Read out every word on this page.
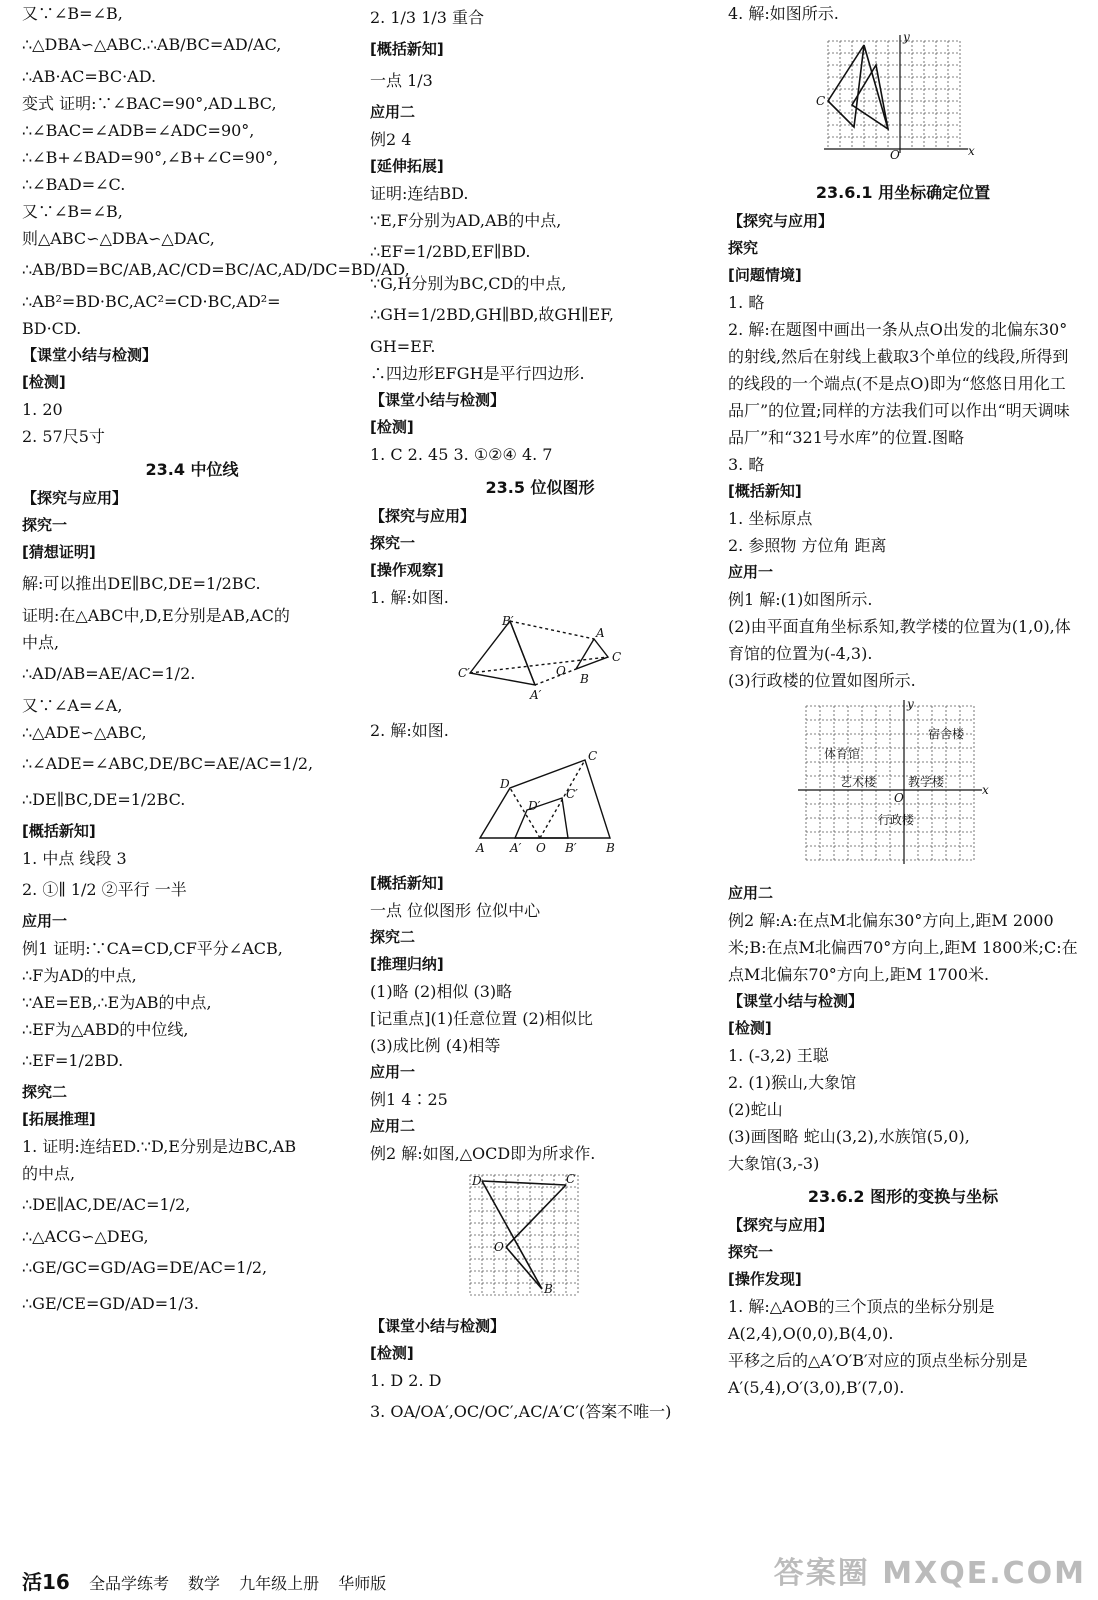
又∵∠B=∠B,

∴△DBA∽△ABC.∴AB/BC=AD/AC,

∴AB·AC=BC·AD.

变式 证明:∵∠BAC=90°,AD⊥BC,

∴∠BAC=∠ADB=∠ADC=90°,

∴∠B+∠BAD=90°,∠B+∠C=90°,

∴∠BAD=∠C.

又∵∠B=∠B,

则△ABC∽△DBA∽△DAC,

∴AB/BD=BC/AB,AC/CD=BC/AC,AD/DC=BD/AD,

∴AB²=BD·BC,AC²=CD·BC,AD²=

BD·CD.

【课堂小结与检测】

[检测]

1. 20

2. 57尺5寸

23.4 中位线

【探究与应用】

探究一

[猜想证明]

解:可以推出DE∥BC,DE=1/2BC.

证明:在△ABC中,D,E分别是AB,AC的

中点,

∴AD/AB=AE/AC=1/2.

又∵∠A=∠A,

∴△ADE∽△ABC,

∴∠ADE=∠ABC,DE/BC=AE/AC=1/2,

∴DE∥BC,DE=1/2BC.

[概括新知]

1. 中点 线段 3

2. ①∥ 1/2 ②平行 一半

应用一

例1 证明:∵CA=CD,CF平分∠ACB,

∴F为AD的中点,

∵AE=EB,∴E为AB的中点,

∴EF为△ABD的中位线,

∴EF=1/2BD.

探究二

[拓展推理]

1. 证明:连结ED.∵D,E分别是边BC,AB

的中点,

∴DE∥AC,DE/AC=1/2,

∴△ACG∽△DEG,

∴GE/GC=GD/AG=DE/AC=1/2,

∴GE/CE=GD/AD=1/3.

2. 1/3 1/3 重合

[概括新知]

一点 1/3

应用二

例2 4

[延伸拓展]

证明:连结BD.

∵E,F分别为AD,AB的中点,

∴EF=1/2BD,EF∥BD.

∵G,H分别为BC,CD的中点,

∴GH=1/2BD,GH∥BD,故GH∥EF,

GH=EF.

∴四边形EFGH是平行四边形.

【课堂小结与检测】

[检测]

1. C 2. 45 3. ①②④ 4. 7

23.5 位似图形

【探究与应用】

探究一

[操作观察]

1. 解:如图.

B′
A
C
C′	O
B
A′

2. 解:如图.

C
D
C′
D′
A A′ O B′ B

[概括新知]

一点 位似图形 位似中心

探究二

[推理归纳]

(1)略 (2)相似 (3)略

[记重点](1)任意位置 (2)相似比

(3)成比例 (4)相等

应用一

例1 4∶25

应用二

例2 解:如图,△OCD即为所求作.

D	C
O
B

【课堂小结与检测】

[检测]

1. D 2. D

3. OA/OA′,OC/OC′,AC/A′C′(答案不唯一)

4. 解:如图所示.

y
C
O	x

23.6.1 用坐标确定位置

【探究与应用】

探究

[问题情境]

1. 略

2. 解:在题图中画出一条从点O出发的北偏东30°的射线,然后在射线上截取3个单位的线段,所得到的线段的一个端点(不是点O)即为“悠悠日用化工品厂”的位置;同样的方法我们可以作出“明天调味品厂”和“321号水库”的位置.图略

3. 略

[概括新知]

1. 坐标原点

2. 参照物 方位角 距离

应用一

例1 解:(1)如图所示.

(2)由平面直角坐标系知,教学楼的位置为(1,0),体育馆的位置为(-4,3).

(3)行政楼的位置如图所示.

y
x
O
教学楼
体育馆
行政楼
艺术楼
宿舍楼

应用二

例2 解:A:在点M北偏东30°方向上,距M 2000米;B:在点M北偏西70°方向上,距M 1800米;C:在点M北偏东70°方向上,距M 1700米.

【课堂小结与检测】

[检测]

1. (-3,2) 王聪

2. (1)猴山,大象馆

(2)蛇山

(3)画图略 蛇山(3,2),水族馆(5,0),

大象馆(3,-3)

23.6.2 图形的变换与坐标

【探究与应用】

探究一

[操作发现]

1. 解:△AOB的三个顶点的坐标分别是A(2,4),O(0,0),B(4,0).

平移之后的△A′O′B′对应的顶点坐标分别是

A′(5,4),O′(3,0),B′(7,0).

活16 全品学练考 数学 九年级上册 华师版	答案圈 MXQE.COM
